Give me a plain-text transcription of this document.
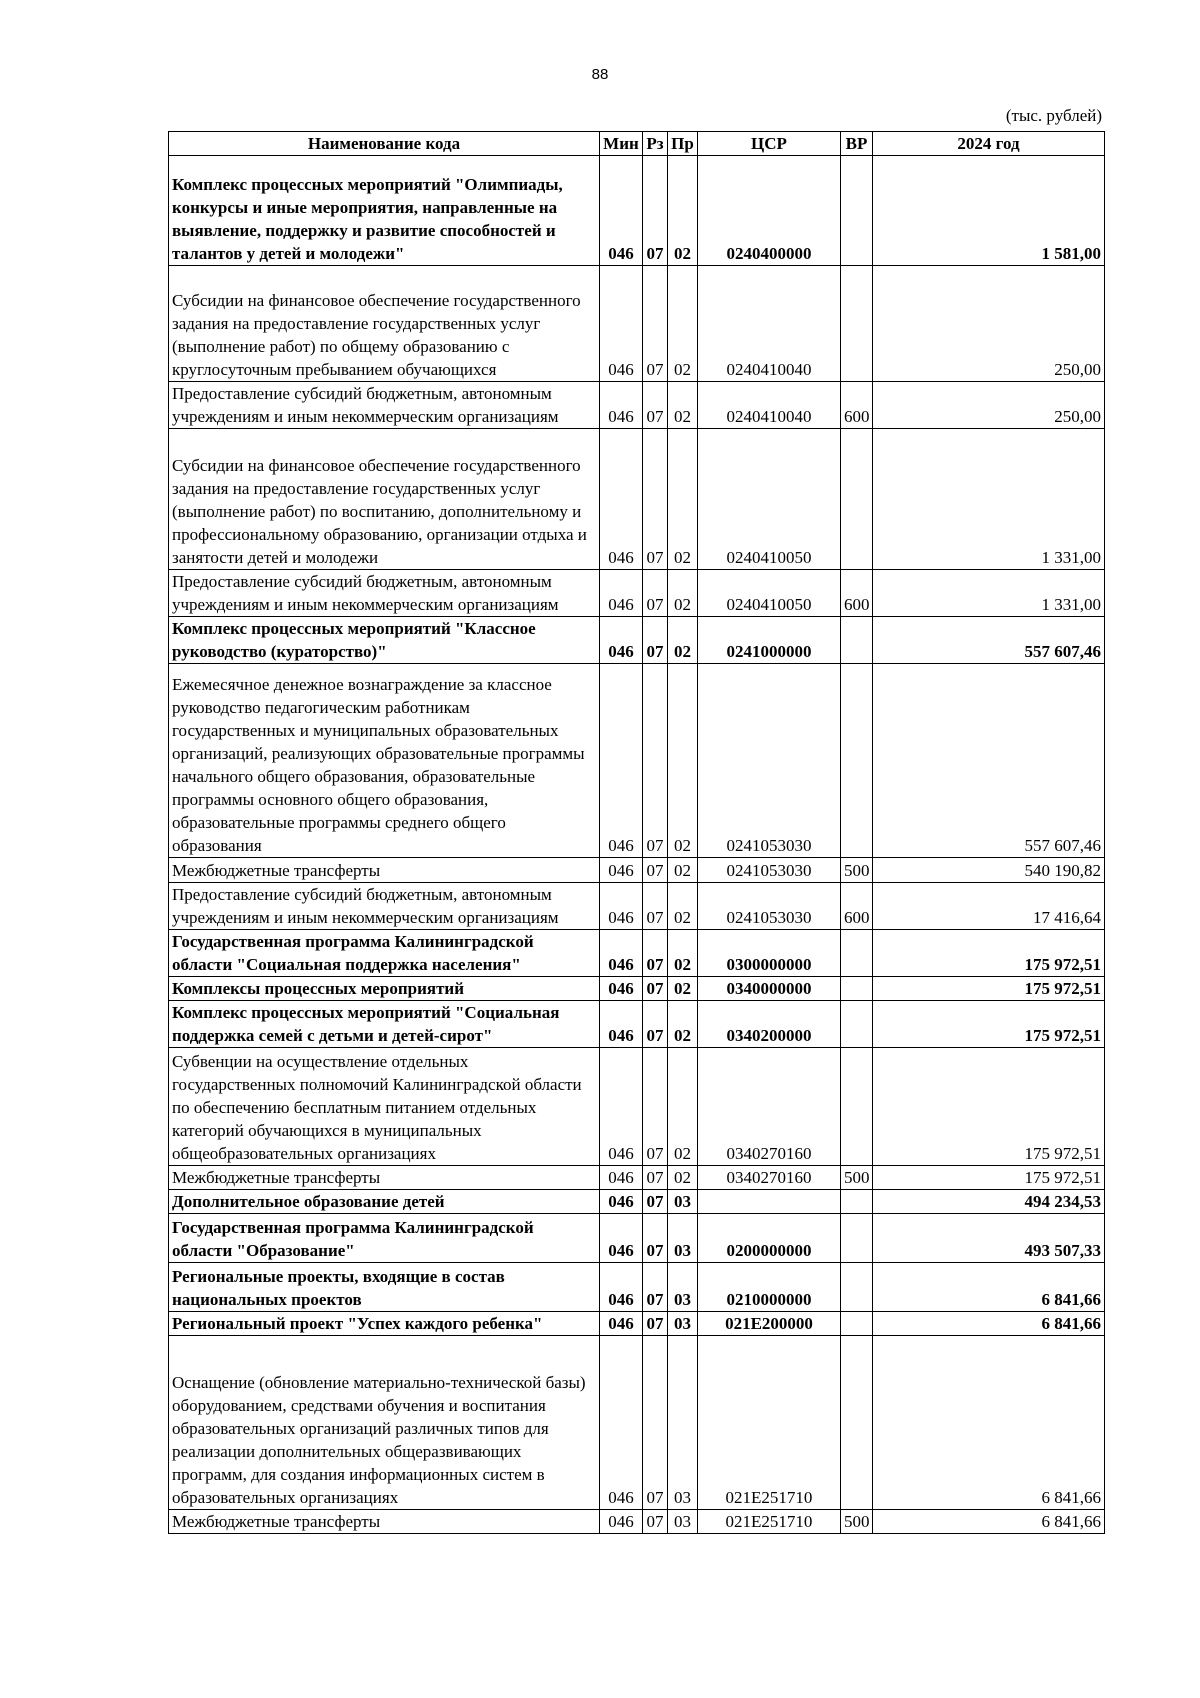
88
(тыс. рублей)
Наименование кода	Мин	Рз	Пр	ЦСР	ВР	2024 год
Комплекс процессных мероприятий "Олимпиады, конкурсы и иные мероприятия, направленные на выявление, поддержку и развитие способностей и талантов у детей и молодежи"	046	07	02	0240400000		1 581,00
Субсидии на финансовое обеспечение государственного задания на предоставление государственных услуг (выполнение работ) по общему образованию с круглосуточным пребыванием обучающихся	046	07	02	0240410040		250,00
Предоставление субсидий бюджетным, автономным учреждениям и иным некоммерческим организациям	046	07	02	0240410040	600	250,00
Субсидии на финансовое обеспечение государственного задания на предоставление государственных услуг (выполнение работ) по воспитанию, дополнительному и профессиональному образованию, организации отдыха и занятости детей и молодежи	046	07	02	0240410050		1 331,00
Предоставление субсидий бюджетным, автономным учреждениям и иным некоммерческим организациям	046	07	02	0240410050	600	1 331,00
Комплекс процессных мероприятий "Классное руководство (кураторство)"	046	07	02	0241000000		557 607,46
Ежемесячное денежное вознаграждение за классное руководство педагогическим работникам государственных и муниципальных образовательных организаций, реализующих образовательные программы начального общего образования, образовательные программы основного общего образования, образовательные программы среднего общего образования	046	07	02	0241053030		557 607,46
Межбюджетные трансферты	046	07	02	0241053030	500	540 190,82
Предоставление субсидий бюджетным, автономным учреждениям и иным некоммерческим организациям	046	07	02	0241053030	600	17 416,64
Государственная программа Калининградской области "Социальная поддержка населения"	046	07	02	0300000000		175 972,51
Комплексы процессных мероприятий	046	07	02	0340000000		175 972,51
Комплекс процессных мероприятий "Социальная поддержка семей с детьми и детей-сирот"	046	07	02	0340200000		175 972,51
Субвенции на осуществление отдельных государственных полномочий Калининградской области по обеспечению бесплатным питанием отдельных категорий обучающихся в муниципальных общеобразовательных организациях	046	07	02	0340270160		175 972,51
Межбюджетные трансферты	046	07	02	0340270160	500	175 972,51
Дополнительное образование детей	046	07	03			494 234,53
Государственная программа Калининградской области "Образование"	046	07	03	0200000000		493 507,33
Региональные проекты, входящие в состав национальных проектов	046	07	03	0210000000		6 841,66
Региональный проект "Успех каждого ребенка"	046	07	03	021E200000		6 841,66
Оснащение (обновление материально-технической базы) оборудованием, средствами обучения и воспитания образовательных организаций различных типов для реализации дополнительных общеразвивающих программ, для создания информационных систем в образовательных организациях	046	07	03	021E251710		6 841,66
Межбюджетные трансферты	046	07	03	021E251710	500	6 841,66
